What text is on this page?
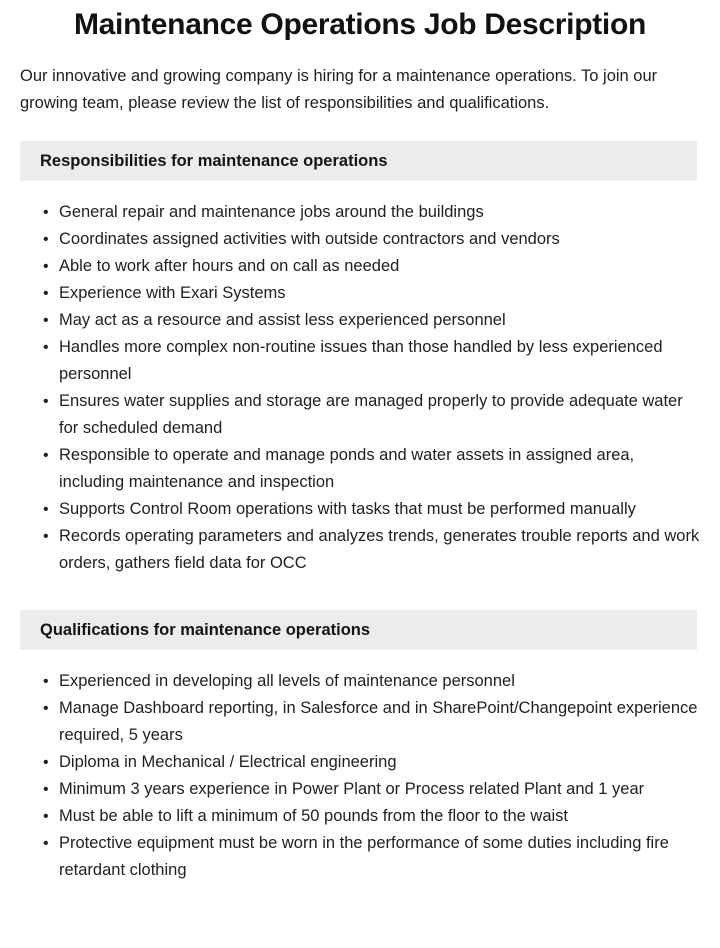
Maintenance Operations Job Description

Our innovative and growing company is hiring for a maintenance operations. To join our growing team, please review the list of responsibilities and qualifications.

Responsibilities for maintenance operations
• General repair and maintenance jobs around the buildings
• Coordinates assigned activities with outside contractors and vendors
• Able to work after hours and on call as needed
• Experience with Exari Systems
• May act as a resource and assist less experienced personnel
• Handles more complex non-routine issues than those handled by less experienced personnel
• Ensures water supplies and storage are managed properly to provide adequate water for scheduled demand
• Responsible to operate and manage ponds and water assets in assigned area, including maintenance and inspection
• Supports Control Room operations with tasks that must be performed manually
• Records operating parameters and analyzes trends, generates trouble reports and work orders, gathers field data for OCC
Qualifications for maintenance operations
• Experienced in developing all levels of maintenance personnel
• Manage Dashboard reporting, in Salesforce and in SharePoint/Changepoint experience required, 5 years
• Diploma in Mechanical / Electrical engineering
• Minimum 3 years experience in Power Plant or Process related Plant and 1 year
• Must be able to lift a minimum of 50 pounds from the floor to the waist
• Protective equipment must be worn in the performance of some duties including fire retardant clothing
